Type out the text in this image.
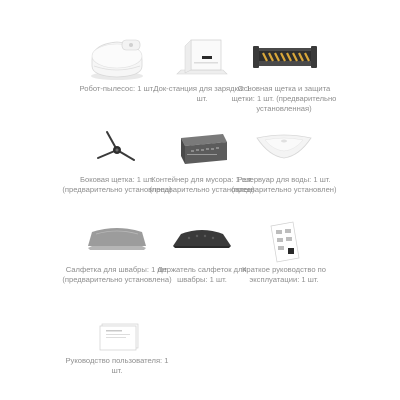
Робот-пылесос: 1 шт.

Док-станция для зарядки: 1 шт.

Основная щетка и защита щетки: 1 шт. (предварительно установленная)

Боковая щетка: 1 шт. (предварительно установлена)

Контейнер для мусора: 1 шт. (предварительно установлен)

Резервуар для воды: 1 шт. (предварительно установлен)

Салфетка для швабры: 1 шт. (предварительно установлена)

Держатель салфеток для швабры: 1 шт.

Краткое руководство по эксплуатации: 1 шт.

Руководство пользователя: 1 шт.
